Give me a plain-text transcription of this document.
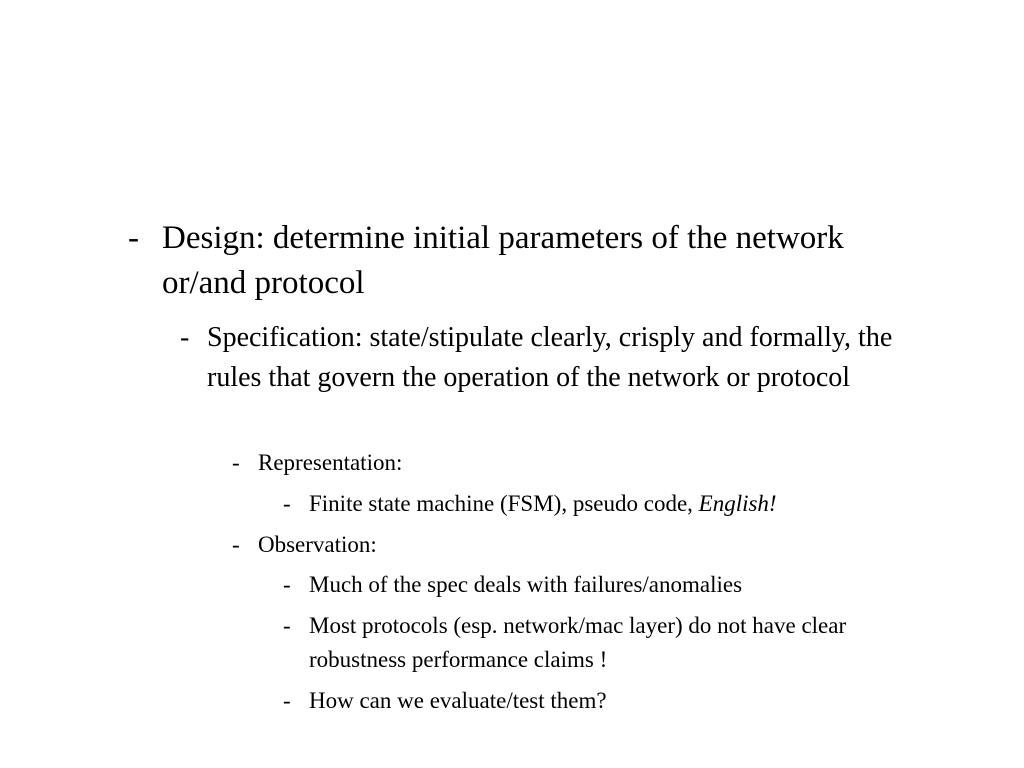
- Design: determine initial parameters of the network or/and protocol
- Specification: state/stipulate clearly, crisply and formally, the rules that govern the operation of the network or protocol
- Representation:
- Finite state machine (FSM), pseudo code, English!
- Observation:
- Much of the spec deals with failures/anomalies
- Most protocols (esp. network/mac layer) do not have clear robustness performance claims !
- How can we evaluate/test them?
